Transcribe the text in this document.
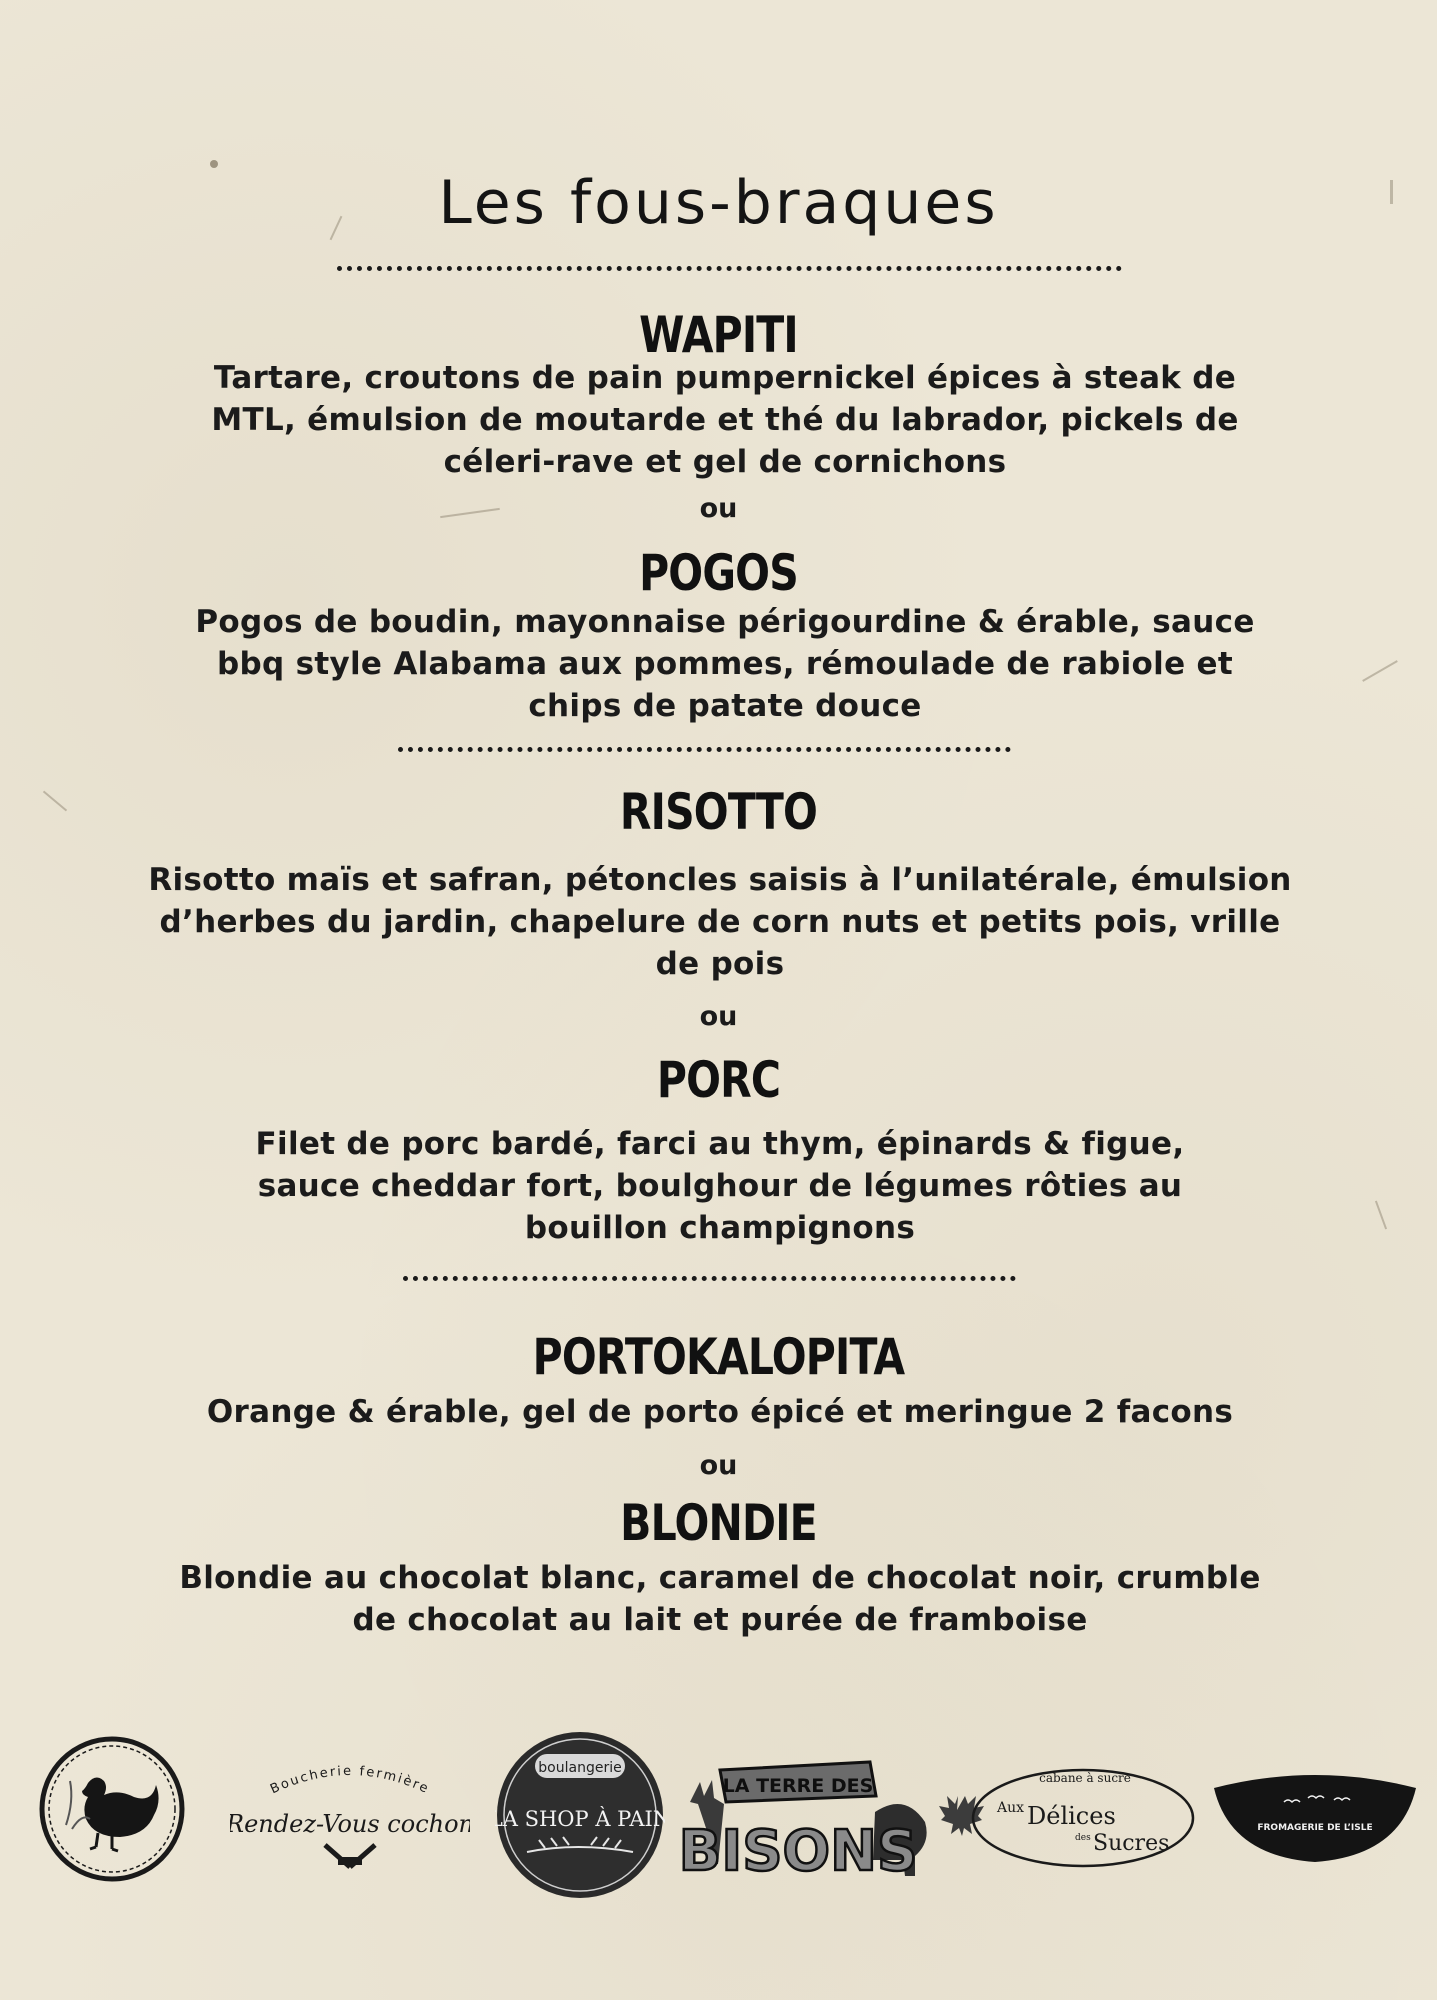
Les fous-braques
WAPITI
Tartare, croutons de pain pumpernickel épices à steak de MTL, émulsion de moutarde et thé du labrador, pickels de céleri-rave et gel de cornichons
ou
POGOS
Pogos de boudin, mayonnaise périgourdine & érable, sauce bbq style Alabama aux pommes, rémoulade de rabiole et chips de patate douce
RISOTTO
Risotto maïs et safran, pétoncles saisis à l’unilatérale, émulsion d’herbes du jardin, chapelure de corn nuts et petits pois, vrille de pois
ou
PORC
Filet de porc bardé, farci au thym, épinards & figue, sauce cheddar fort, boulghour de légumes rôties au bouillon champignons
PORTOKALOPITA
Orange & érable, gel de porto épicé et meringue 2 facons
ou
BLONDIE
Blondie au chocolat blanc, caramel de chocolat noir, crumble de chocolat au lait et purée de framboise
Boucherie fermière
Rendez-Vous cochon
boulangerie
LA SHOP À PAIN
LA TERRE DES
BISONS
cabane à sucre
Aux Délices
des Sucres
FROMAGERIE DE L’ISLE
